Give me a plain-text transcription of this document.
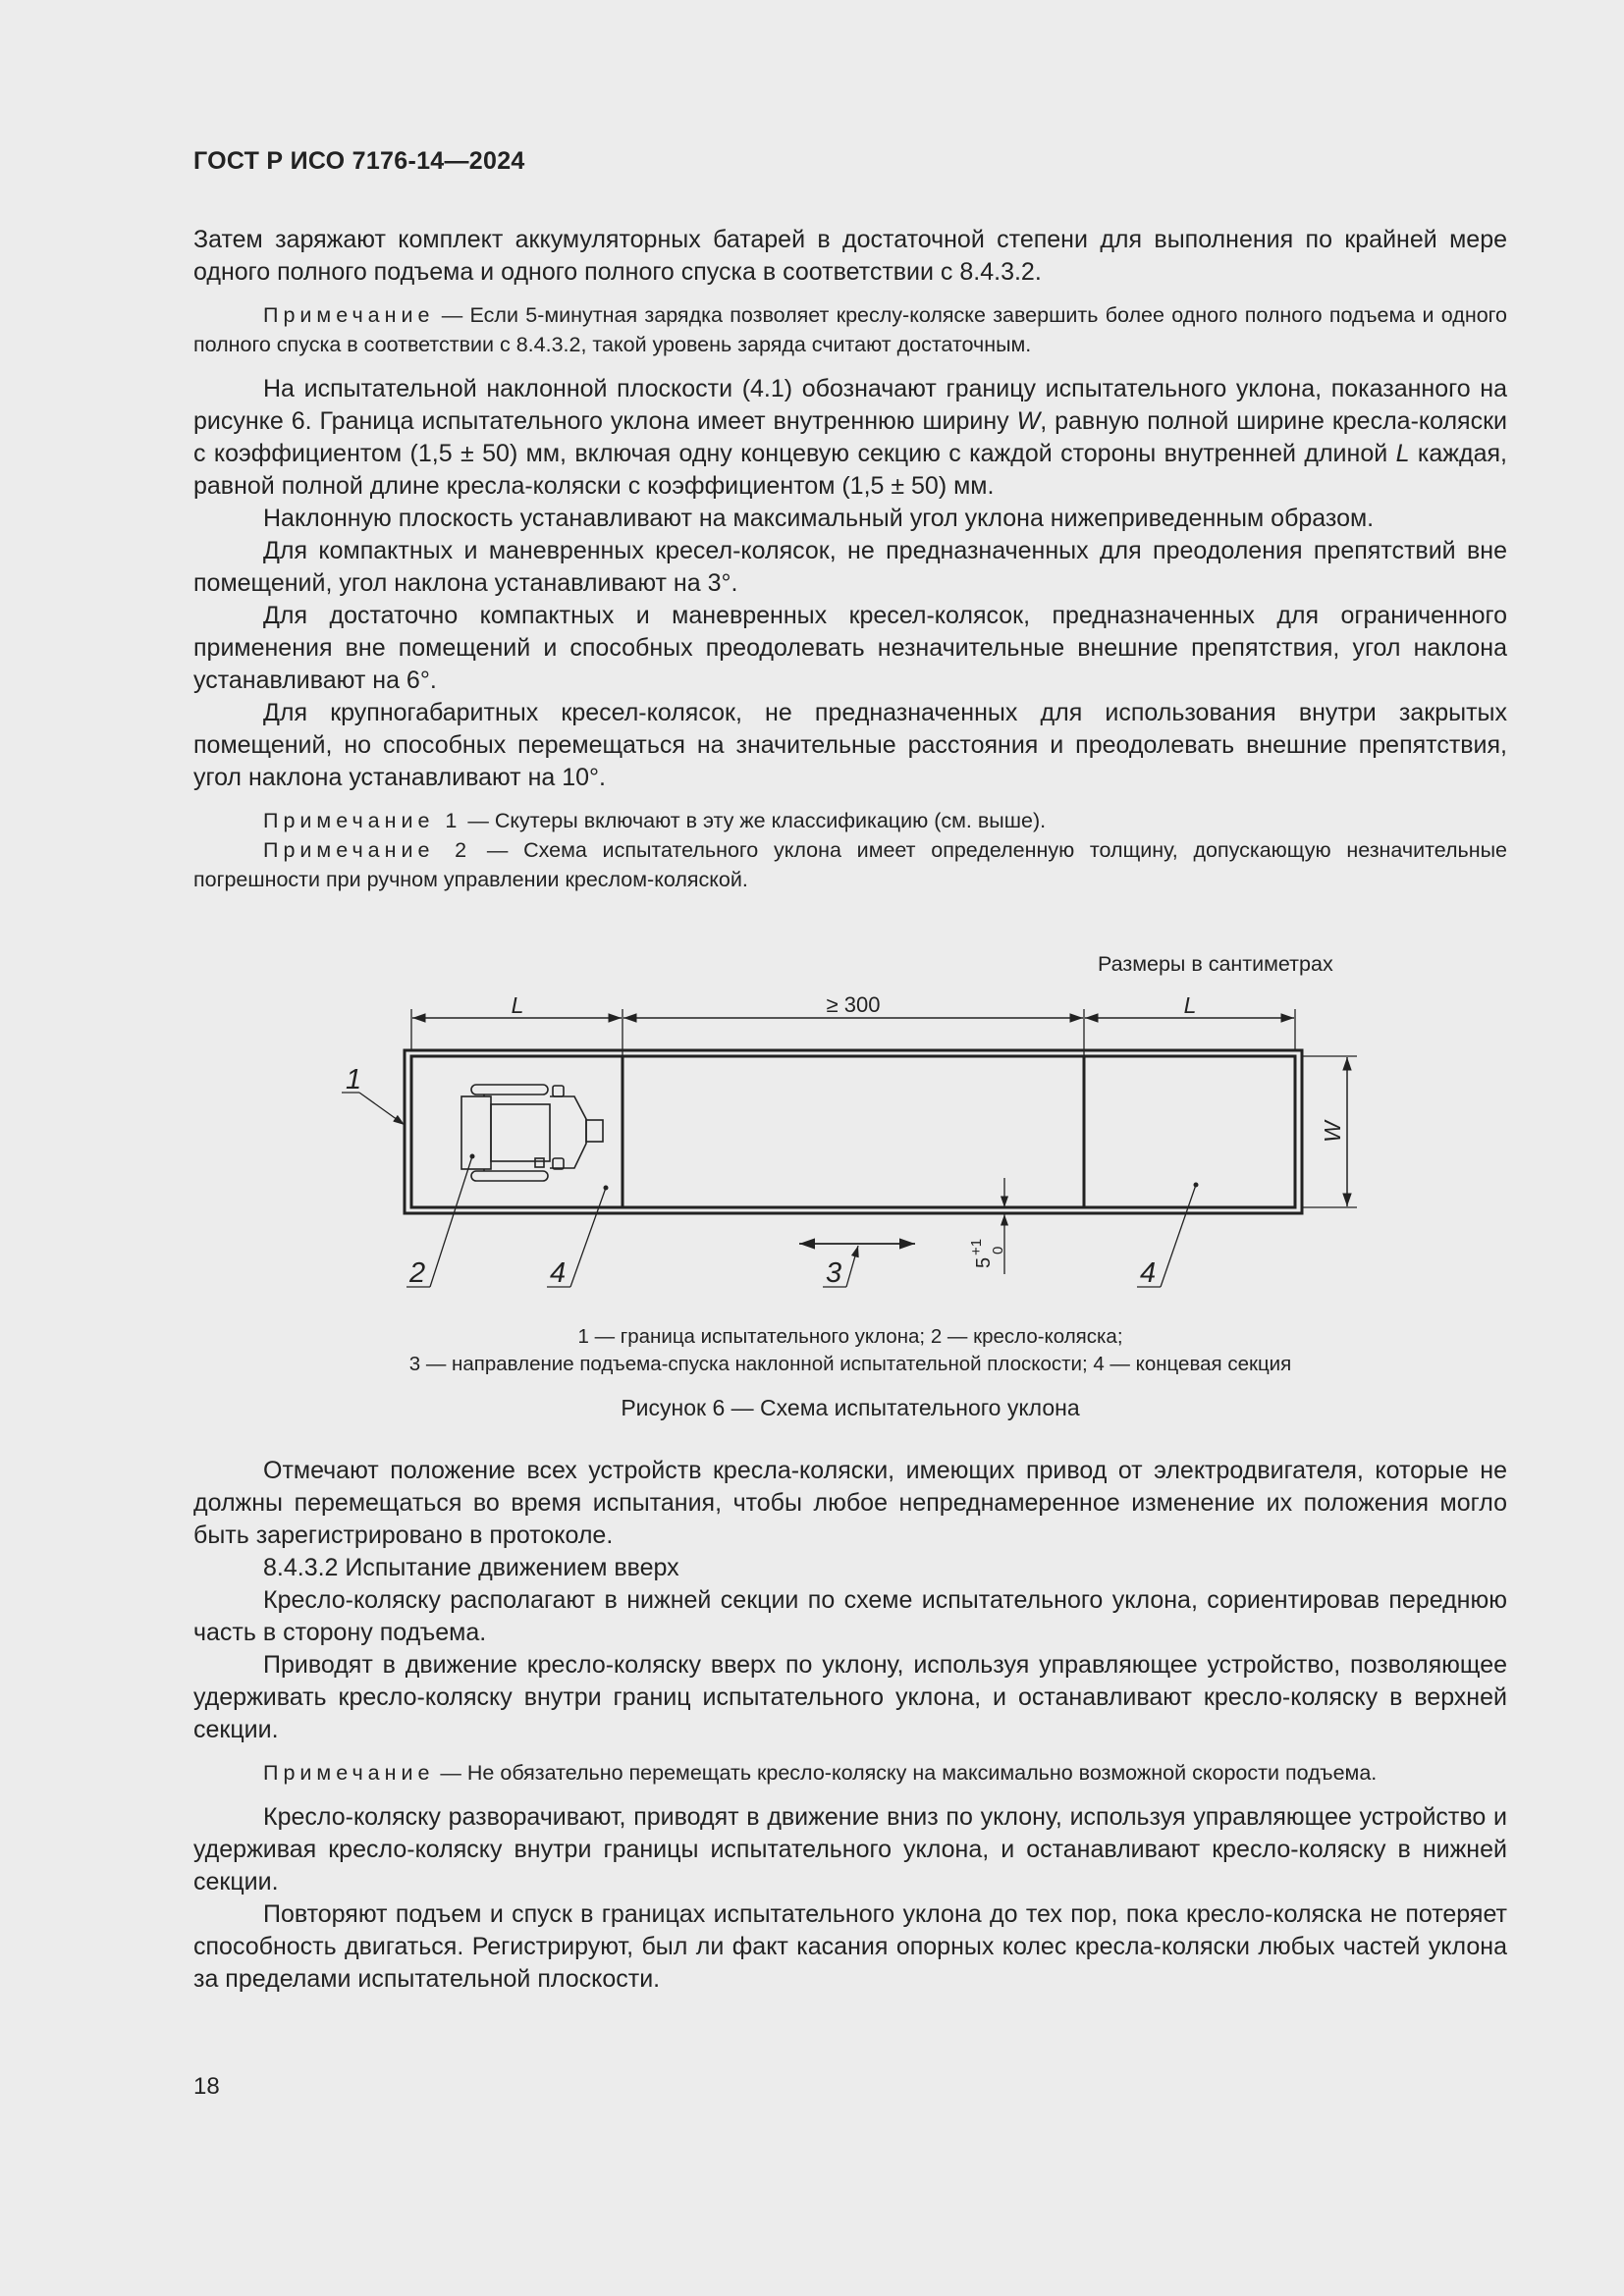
ГОСТ Р ИСО 7176-14—2024

Затем заряжают комплект аккумуляторных батарей в достаточной степени для выполнения по крайней мере одного полного подъема и одного полного спуска в соответствии с 8.4.3.2.

Примечание — Если 5-минутная зарядка позволяет креслу-коляске завершить более одного полного подъема и одного полного спуска в соответствии с 8.4.3.2, такой уровень заряда считают достаточным.

На испытательной наклонной плоскости (4.1) обозначают границу испытательного уклона, показанного на рисунке 6. Граница испытательного уклона имеет внутреннюю ширину W, равную полной ширине кресла-коляски с коэффициентом (1,5 ± 50) мм, включая одну концевую секцию с каждой стороны внутренней длиной L каждая, равной полной длине кресла-коляски с коэффициентом (1,5 ± 50) мм.

Наклонную плоскость устанавливают на максимальный угол уклона нижеприведенным образом.

Для компактных и маневренных кресел-колясок, не предназначенных для преодоления препятствий вне помещений, угол наклона устанавливают на 3°.

Для достаточно компактных и маневренных кресел-колясок, предназначенных для ограниченного применения вне помещений и способных преодолевать незначительные внешние препятствия, угол наклона устанавливают на 6°.

Для крупногабаритных кресел-колясок, не предназначенных для использования внутри закрытых помещений, но способных перемещаться на значительные расстояния и преодолевать внешние препятствия, угол наклона устанавливают на 10°.

Примечание 1 — Скутеры включают в эту же классификацию (см. выше).

Примечание 2 — Схема испытательного уклона имеет определенную толщину, допускающую незначительные погрешности при ручном управлении креслом-коляской.

Размеры в сантиметрах
L	≥ 300	L
W
5
+1 0
1
2	4	3	4
1 — граница испытательного уклона; 2 — кресло-коляска;
3 — направление подъема-спуска наклонной испытательной плоскости; 4 — концевая секция
Рисунок 6 — Схема испытательного уклона

Отмечают положение всех устройств кресла-коляски, имеющих привод от электродвигателя, которые не должны перемещаться во время испытания, чтобы любое непреднамеренное изменение их положения могло быть зарегистрировано в протоколе.

8.4.3.2 Испытание движением вверх

Кресло-коляску располагают в нижней секции по схеме испытательного уклона, сориентировав переднюю часть в сторону подъема.

Приводят в движение кресло-коляску вверх по уклону, используя управляющее устройство, позволяющее удерживать кресло-коляску внутри границ испытательного уклона, и останавливают кресло-коляску в верхней секции.

Примечание — Не обязательно перемещать кресло-коляску на максимально возможной скорости подъема.

Кресло-коляску разворачивают, приводят в движение вниз по уклону, используя управляющее устройство и удерживая кресло-коляску внутри границы испытательного уклона, и останавливают кресло-коляску в нижней секции.

Повторяют подъем и спуск в границах испытательного уклона до тех пор, пока кресло-коляска не потеряет способность двигаться. Регистрируют, был ли факт касания опорных колес кресла-коляски любых частей уклона за пределами испытательной плоскости.

18
